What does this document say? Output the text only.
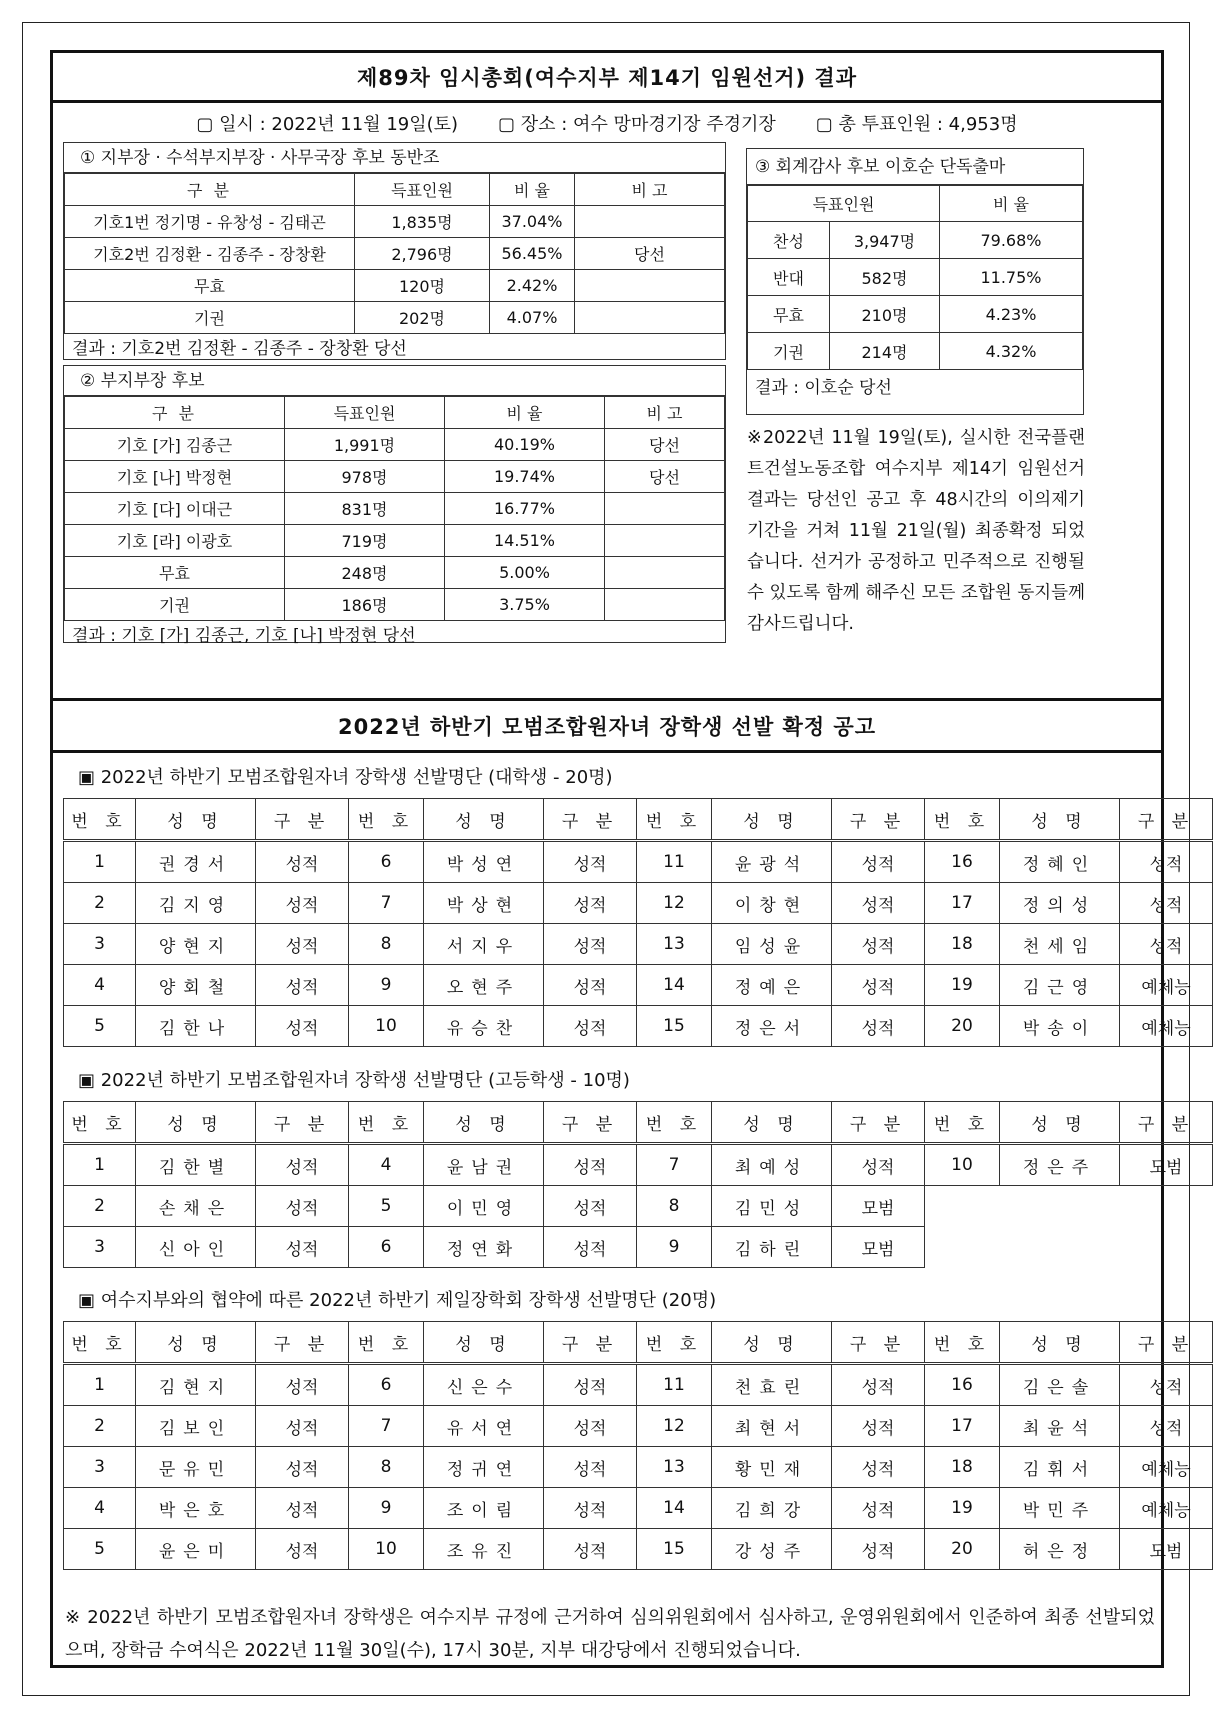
제89차 임시총회(여수지부 제14기 임원선거) 결과
▢ 일시 : 2022년 11월 19일(토) ▢ 장소 : 여수 망마경기장 주경기장 ▢ 총 투표인원 : 4,953명
① 지부장 · 수석부지부장 · 사무국장 후보 동반조
구 분	득표인원	비 율	비 고
기호1번 정기명 - 유창성 - 김태곤	1,835명	37.04%	
기호2번 김정환 - 김종주 - 장창환	2,796명	56.45%	당선
무효	120명	2.42%	
기권	202명	4.07%	
결과 : 기호2번 김정환 - 김종주 - 장창환 당선
② 부지부장 후보
구 분	득표인원	비 율	비 고
기호 [가] 김종근	1,991명	40.19%	당선
기호 [나] 박정현	978명	19.74%	당선
기호 [다] 이대근	831명	16.77%	
기호 [라] 이광호	719명	14.51%	
무효	248명	5.00%	
기권	186명	3.75%	
결과 : 기호 [가] 김종근, 기호 [나] 박정현 당선
③ 회계감사 후보 이호순 단독출마
득표인원		비 율
찬성	3,947명	79.68%
반대	582명	11.75%
무효	210명	4.23%
기권	214명	4.32%
결과 : 이호순 당선
※2022년 11월 19일(토), 실시한 전국플랜트건설노동조합 여수지부 제14기 임원선거 결과는 당선인 공고 후 48시간의 이의제기 기간을 거쳐 11월 21일(월) 최종확정 되었습니다. 선거가 공정하고 민주적으로 진행될 수 있도록 함께 해주신 모든 조합원 동지들께 감사드립니다.
2022년 하반기 모범조합원자녀 장학생 선발 확정 공고
▣ 2022년 하반기 모범조합원자녀 장학생 선발명단 (대학생 - 20명)
번 호	성 명	구 분	번 호	성 명	구 분	번 호	성 명	구 분	번 호	성 명	구 분
1	권경서	성적	6	박성연	성적	11	윤광석	성적	16	정혜인	성적
2	김지영	성적	7	박상현	성적	12	이창현	성적	17	정의성	성적
3	양현지	성적	8	서지우	성적	13	임성윤	성적	18	천세임	성적
4	양회철	성적	9	오현주	성적	14	정예은	성적	19	김근영	예체능
5	김한나	성적	10	유승찬	성적	15	정은서	성적	20	박송이	예체능
▣ 2022년 하반기 모범조합원자녀 장학생 선발명단 (고등학생 - 10명)
번 호	성 명	구 분	번 호	성 명	구 분	번 호	성 명	구 분	번 호	성 명	구 분
1	김한별	성적	4	윤남권	성적	7	최예성	성적	10	정은주	모범
2	손채은	성적	5	이민영	성적	8	김민성	모범			
3	신아인	성적	6	정연화	성적	9	김하린	모범			
▣ 여수지부와의 협약에 따른 2022년 하반기 제일장학회 장학생 선발명단 (20명)
번 호	성 명	구 분	번 호	성 명	구 분	번 호	성 명	구 분	번 호	성 명	구 분
1	김현지	성적	6	신은수	성적	11	천효린	성적	16	김은솔	성적
2	김보인	성적	7	유서연	성적	12	최현서	성적	17	최윤석	성적
3	문유민	성적	8	정귀연	성적	13	황민재	성적	18	김휘서	예체능
4	박은호	성적	9	조이림	성적	14	김희강	성적	19	박민주	예체능
5	윤은미	성적	10	조유진	성적	15	강성주	성적	20	허은정	모범
※ 2022년 하반기 모범조합원자녀 장학생은 여수지부 규정에 근거하여 심의위원회에서 심사하고, 운영위원회에서 인준하여 최종 선발되었으며, 장학금 수여식은 2022년 11월 30일(수), 17시 30분, 지부 대강당에서 진행되었습니다.
